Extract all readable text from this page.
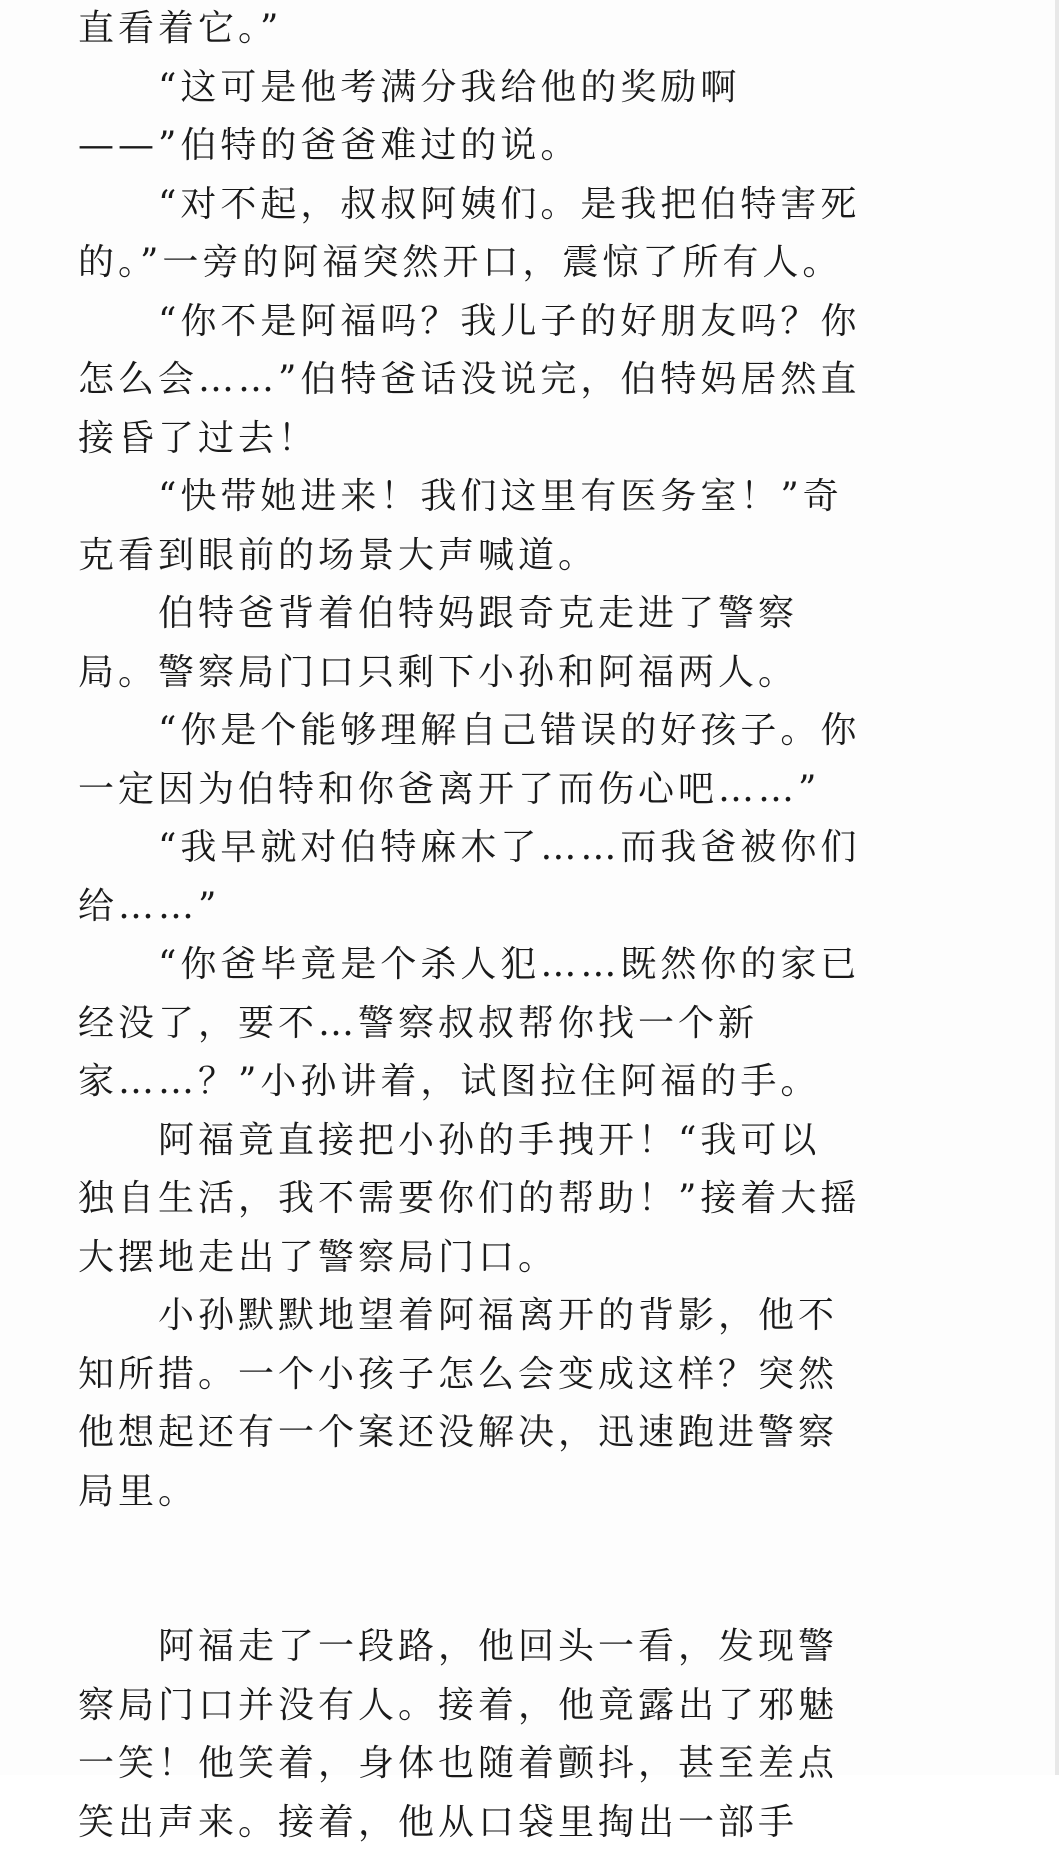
直看着它。”
　　“这可是他考满分我给他的奖励啊
——”伯特的爸爸难过的说。
　　“对不起，叔叔阿姨们。是我把伯特害死
的。”一旁的阿福突然开口，震惊了所有人。
　　“你不是阿福吗？我儿子的好朋友吗？你
怎么会……”伯特爸话没说完，伯特妈居然直
接昏了过去！
　　“快带她进来！我们这里有医务室！”奇
克看到眼前的场景大声喊道。
　　伯特爸背着伯特妈跟奇克走进了警察
局。警察局门口只剩下小孙和阿福两人。
　　“你是个能够理解自己错误的好孩子。你
一定因为伯特和你爸离开了而伤心吧……”
　　“我早就对伯特麻木了……而我爸被你们
给……”
　　“你爸毕竟是个杀人犯……既然你的家已
经没了，要不…警察叔叔帮你找一个新
家……？”小孙讲着，试图拉住阿福的手。
　　阿福竟直接把小孙的手拽开！“我可以
独自生活，我不需要你们的帮助！”接着大摇
大摆地走出了警察局门口。
　　小孙默默地望着阿福离开的背影，他不
知所措。一个小孩子怎么会变成这样？突然
他想起还有一个案还没解决，迅速跑进警察
局里。
　　阿福走了一段路，他回头一看，发现警
察局门口并没有人。接着，他竟露出了邪魅
一笑！他笑着，身体也随着颤抖，甚至差点
笑出声来。接着，他从口袋里掏出一部手
